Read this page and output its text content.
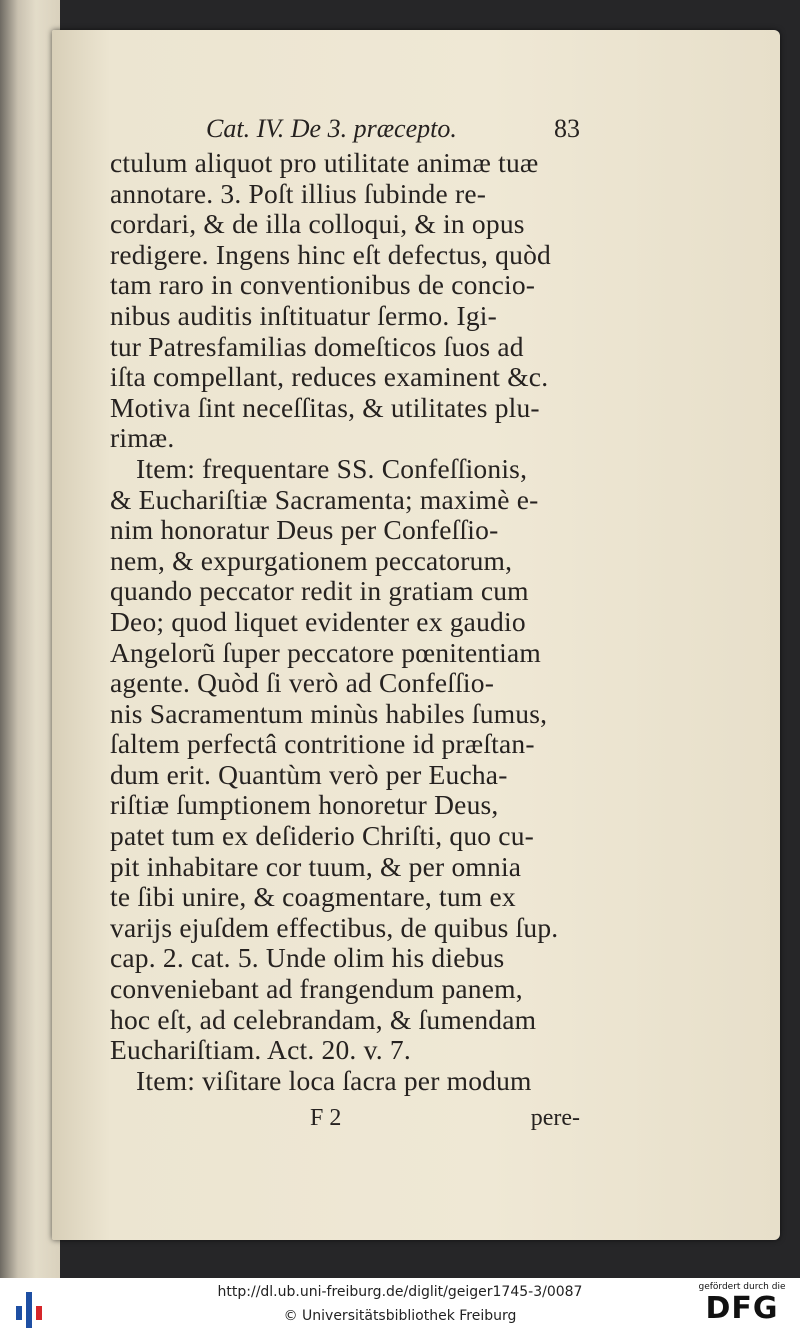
Cat. IV. De 3. præcepto.	83
ctulum aliquot pro utilitate animæ tuæ
annotare. 3. Poſt illius ſubinde re-
cordari, & de illa colloqui, & in opus
redigere. Ingens hinc eſt defectus, quòd
tam raro in conventionibus de concio-
nibus auditis inſtituatur ſermo. Igi-
tur Patresfamilias domeſticos ſuos ad
iſta compellant, reduces examinent &c.
Motiva ſint neceſſitas, & utilitates plu-
rimæ.
Item: frequentare SS. Confeſſionis,
& Euchariſtiæ Sacramenta; maximè e-
nim honoratur Deus per Confeſſio-
nem, & expurgationem peccatorum,
quando peccator redit in gratiam cum
Deo; quod liquet evidenter ex gaudio
Angelorũ ſuper peccatore pœnitentiam
agente. Quòd ſi verò ad Confeſſio-
nis Sacramentum minùs habiles ſumus,
ſaltem perfectâ contritione id præſtan-
dum erit. Quantùm verò per Eucha-
riſtiæ ſumptionem honoretur Deus,
patet tum ex deſiderio Chriſti, quo cu-
pit inhabitare cor tuum, & per omnia
te ſibi unire, & coagmentare, tum ex
varijs ejuſdem effectibus, de quibus ſup.
cap. 2. cat. 5. Unde olim his diebus
conveniebant ad frangendum panem,
hoc eſt, ad celebrandam, & ſumendam
Euchariſtiam. Act. 20. v. 7.
Item: viſitare loca ſacra per modum
F 2	pere-
http://dl.ub.uni-freiburg.de/diglit/geiger1745-3/0087
© Universitätsbibliothek Freiburg
gefördert durch die
DFG
